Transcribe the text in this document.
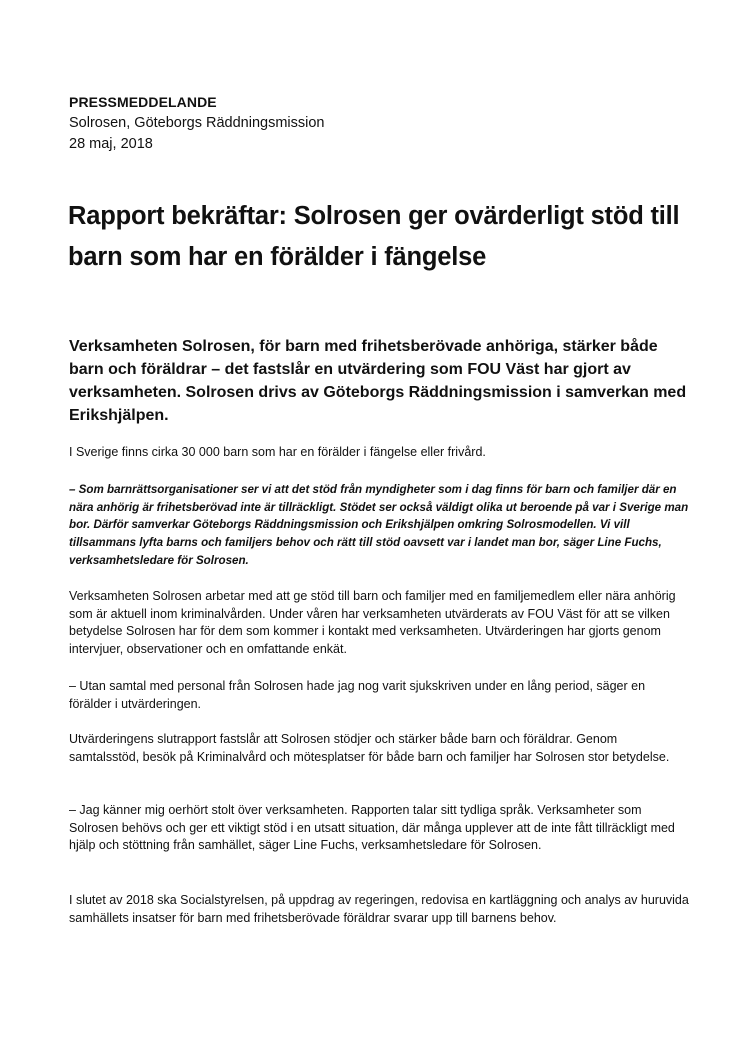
PRESSMEDDELANDE
Solrosen, Göteborgs Räddningsmission
28 maj, 2018
Rapport bekräftar: Solrosen ger ovärderligt stöd till barn som har en förälder i fängelse

Verksamheten Solrosen, för barn med frihetsberövade anhöriga, stärker både barn och föräldrar – det fastslår en utvärdering som FOU Väst har gjort av verksamheten. Solrosen drivs av Göteborgs Räddningsmission i samverkan med Erikshjälpen.

I Sverige finns cirka 30 000 barn som har en förälder i fängelse eller frivård.

– Som barnrättsorganisationer ser vi att det stöd från myndigheter som i dag finns för barn och familjer där en nära anhörig är frihetsberövad inte är tillräckligt. Stödet ser också väldigt olika ut beroende på var i Sverige man bor. Därför samverkar Göteborgs Räddningsmission och Erikshjälpen omkring Solrosmodellen. Vi vill tillsammans lyfta barns och familjers behov och rätt till stöd oavsett var i landet man bor, säger Line Fuchs, verksamhetsledare för Solrosen.

Verksamheten Solrosen arbetar med att ge stöd till barn och familjer med en familjemedlem eller nära anhörig som är aktuell inom kriminalvården. Under våren har verksamheten utvärderats av FOU Väst för att se vilken betydelse Solrosen har för dem som kommer i kontakt med verksamheten. Utvärderingen har gjorts genom intervjuer, observationer och en omfattande enkät.

– Utan samtal med personal från Solrosen hade jag nog varit sjukskriven under en lång period, säger en förälder i utvärderingen.

Utvärderingens slutrapport fastslår att Solrosen stödjer och stärker både barn och föräldrar. Genom samtalsstöd, besök på Kriminalvård och mötesplatser för både barn och familjer har Solrosen stor betydelse.

– Jag känner mig oerhört stolt över verksamheten. Rapporten talar sitt tydliga språk. Verksamheter som Solrosen behövs och ger ett viktigt stöd i en utsatt situation, där många upplever att de inte fått tillräckligt med hjälp och stöttning från samhället, säger Line Fuchs, verksamhetsledare för Solrosen.

I slutet av 2018 ska Socialstyrelsen, på uppdrag av regeringen, redovisa en kartläggning och analys av huruvida samhällets insatser för barn med frihetsberövade föräldrar svarar upp till barnens behov.
